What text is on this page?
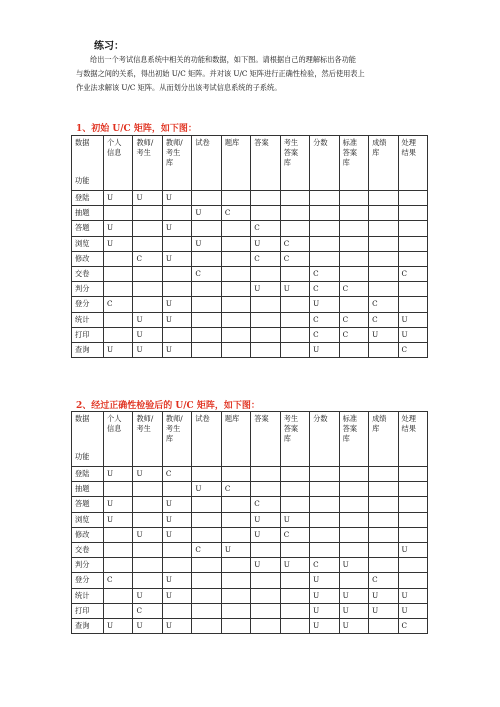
练习：

给出一个考试信息系统中相关的功能和数据，如下图。请根据自己的理解标出各功能

与数据之间的关系，得出初始 U/C 矩阵。并对该 U/C 矩阵进行正确性检验，然后使用表上

作业法求解该 U/C 矩阵。从而划分出该考试信息系统的子系统。

1、初始 U/C 矩阵，如下图：
数据
功能	个人
信息	教师/
考生	教师/
考生
库	试卷	题库	答案	考生
答案
库	分数	标准
答案
库	成绩
库	处理
结果
登陆	U	U	U								
抽题				U	C						
答题	U		U			C					
浏览	U			U		U	C				
修改		C	U			C	C				
交卷				C				C			C
判分						U	U	C	C		
登分	C		U					U		C	
统计		U	U					C	C	C	U
打印		U						C	C	U	U
查询	U	U	U					U			C
2、经过正确性检验后的 U/C 矩阵，如下图：
数据
功能	个人
信息	教师/
考生	教师/
考生
库	试卷	题库	答案	考生
答案
库	分数	标准
答案
库	成绩
库	处理
结果
登陆	U	U	C								
抽题				U	C						
答题	U		U			C					
浏览	U		U			U	U				
修改		U	U			U	C				
交卷				C	U						U
判分						U	U	C	U		
登分	C		U					U		C	
统计		U	U					U	U	U	U
打印		C						U	U	U	U
查询	U	U	U					U	U		C
